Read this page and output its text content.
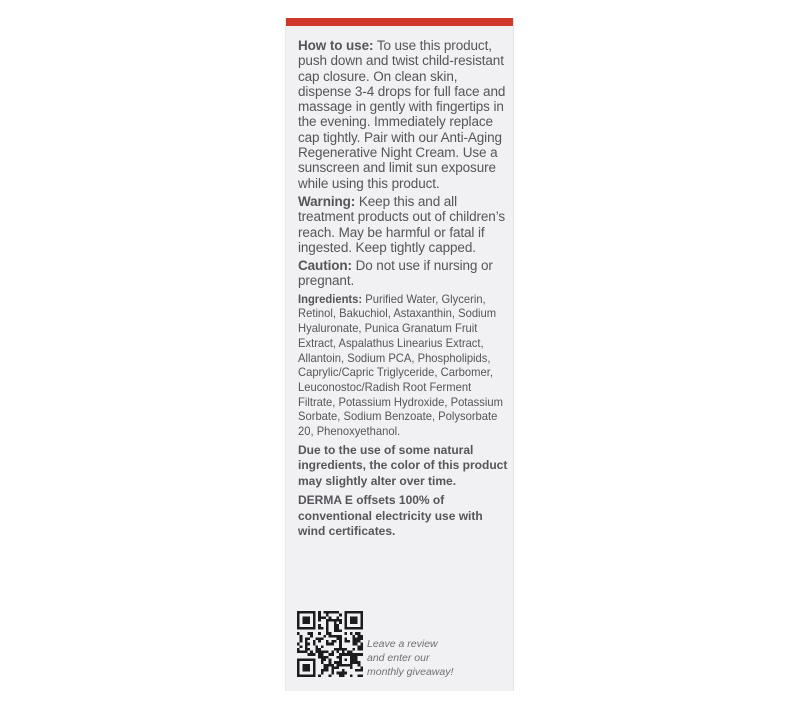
How to use: To use this product, push down and twist child-resistant cap closure. On clean skin, dispense 3-4 drops for full face and massage in gently with fingertips in the evening. Immediately replace cap tightly. Pair with our Anti-Aging Regenerative Night Cream. Use a sunscreen and limit sun exposure while using this product.

Warning: Keep this and all treatment products out of children’s reach. May be harmful or fatal if ingested. Keep tightly capped.

Caution: Do not use if nursing or pregnant.

Ingredients: Purified Water, Glycerin, Retinol, Bakuchiol, Astaxanthin, Sodium Hyaluronate, Punica Granatum Fruit Extract, Aspalathus Linearius Extract, Allantoin, Sodium PCA, Phospholipids, Caprylic/Capric Triglyceride, Carbomer, Leuconostoc/Radish Root Ferment Filtrate, Potassium Hydroxide, Potassium Sorbate, Sodium Benzoate, Polysorbate 20, Phenoxyethanol.

Due to the use of some natural ingredients, the color of this product may slightly alter over time.

DERMA E offsets 100% of conventional electricity use with wind certificates.

Leave a review
and enter our
monthly giveaway!
